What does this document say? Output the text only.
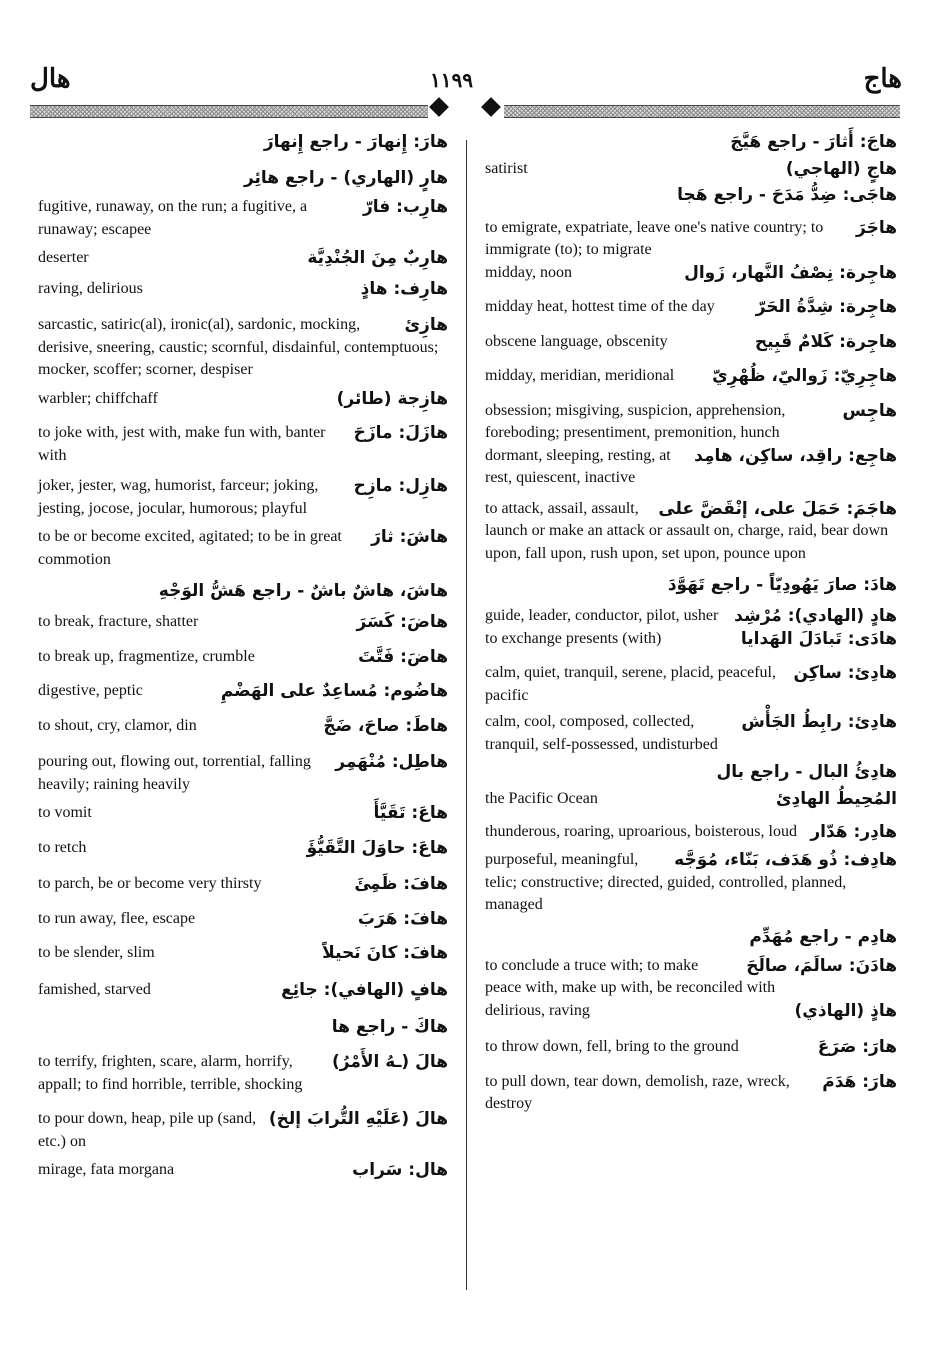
هال	١١٩٩	هاج
هارَ: إِنهارَ - راجع إِنهارَ
هارٍ (الهاري) - راجع هائِر
هارِب: فارّ
fugitive, runaway, on the run; a fugitive, a runaway; escapee
هارِبٌ مِنَ الجُنْدِيَّة
deserter
هارِف: هاذٍ
raving, delirious
هازِئ
sarcastic, satiric(al), ironic(al), sardonic, mocking, derisive, sneering, caustic; scornful, disdainful, contemptuous; mocker, scoffer; scorner, despiser
هازِجة (طائر)
warbler; chiffchaff
هازَلَ: مازَحَ
to joke with, jest with, make fun with, banter with
هازِل: مازِح
joker, jester, wag, humorist, farceur; joking, jesting, jocose, jocular, humorous; playful
هاشَ: ثارَ
to be or become excited, agitated; to be in great commotion
هاشَ، هاشٌ باشٌ - راجع هَشُّ الوَجْهِ
هاضَ: كَسَرَ
to break, fracture, shatter
هاضَ: فَتَّتَ
to break up, fragmentize, crumble
هاضُوم: مُساعِدٌ على الهَضْمِ
digestive, peptic
هاطَ: صاحَ، ضَجَّ
to shout, cry, clamor, din
هاطِل: مُنْهَمِر
pouring out, flowing out, torrential, falling heavily; raining heavily
هاعَ: تَقَيَّأَ
to vomit
هاعَ: حاوَلَ التَّقَيُّؤَ
to retch
هافَ: ظَمِئَ
to parch, be or become very thirsty
هافَ: هَرَبَ
to run away, flee, escape
هافَ: كانَ نَحيلاً
to be slender, slim
هافٍ (الهافي): جائِع
famished, starved
هاكَ - راجع ها
هالَ (ـهُ الأَمْرُ)
to terrify, frighten, scare, alarm, horrify, appall; to find horrible, terrible, shocking
هالَ (عَلَيْهِ التُّرابَ إلخ)
to pour down, heap, pile up (sand, etc.) on
هال: سَراب
mirage, fata morgana
هاجَ: أَثارَ - راجع هَيَّجَ
هاجٍ (الهاجي)
satirist
هاجَى: ضِدُّ مَدَحَ - راجع هَجا
هاجَرَ
to emigrate, expatriate, leave one's native country; to immigrate (to); to migrate
هاجِرة: نِصْفُ النَّهار، زَوال
midday, noon
هاجِرة: شِدَّةُ الحَرّ
midday heat, hottest time of the day
هاجِرة: كَلامٌ قَبِيح
obscene language, obscenity
هاجِرِيّ: زَواليّ، ظُهْرِيّ
midday, meridian, meridional
هاجِس
obsession; misgiving, suspicion, apprehension, foreboding; presentiment, premonition, hunch
هاجِع: راقِد، ساكِن، هامِد
dormant, sleeping, resting, at rest, quiescent, inactive
هاجَمَ: حَمَلَ على، إنْقَضَّ على
to attack, assail, assault, launch or make an attack or assault on, charge, raid, bear down upon, fall upon, rush upon, set upon, pounce upon
هادَ: صارَ يَهُودِيّاً - راجع تَهَوَّدَ
هادٍ (الهادي): مُرْشِد
guide, leader, conductor, pilot, usher
هادَى: تَبادَلَ الهَدايا
to exchange presents (with)
هادِئ: ساكِن
calm, quiet, tranquil, serene, placid, peaceful, pacific
هادِئ: رابِطُ الجَأْش
calm, cool, composed, collected, tranquil, self-possessed, undisturbed
هادِئُ البال - راجع بال
المُحِيطُ الهادِئ
the Pacific Ocean
هادِر: هَدّار
thunderous, roaring, uproarious, boisterous, loud
هادِف: ذُو هَدَف، بَنّاء، مُوَجَّه
purposeful, meaningful, telic; constructive; directed, guided, controlled, planned, managed
هادِم - راجع مُهَدِّم
هادَنَ: سالَمَ، صالَحَ
to conclude a truce with; to make peace with, make up with, be reconciled with
هاذٍ (الهاذي)
delirious, raving
هارَ: صَرَعَ
to throw down, fell, bring to the ground
هارَ: هَدَمَ
to pull down, tear down, demolish, raze, wreck, destroy
